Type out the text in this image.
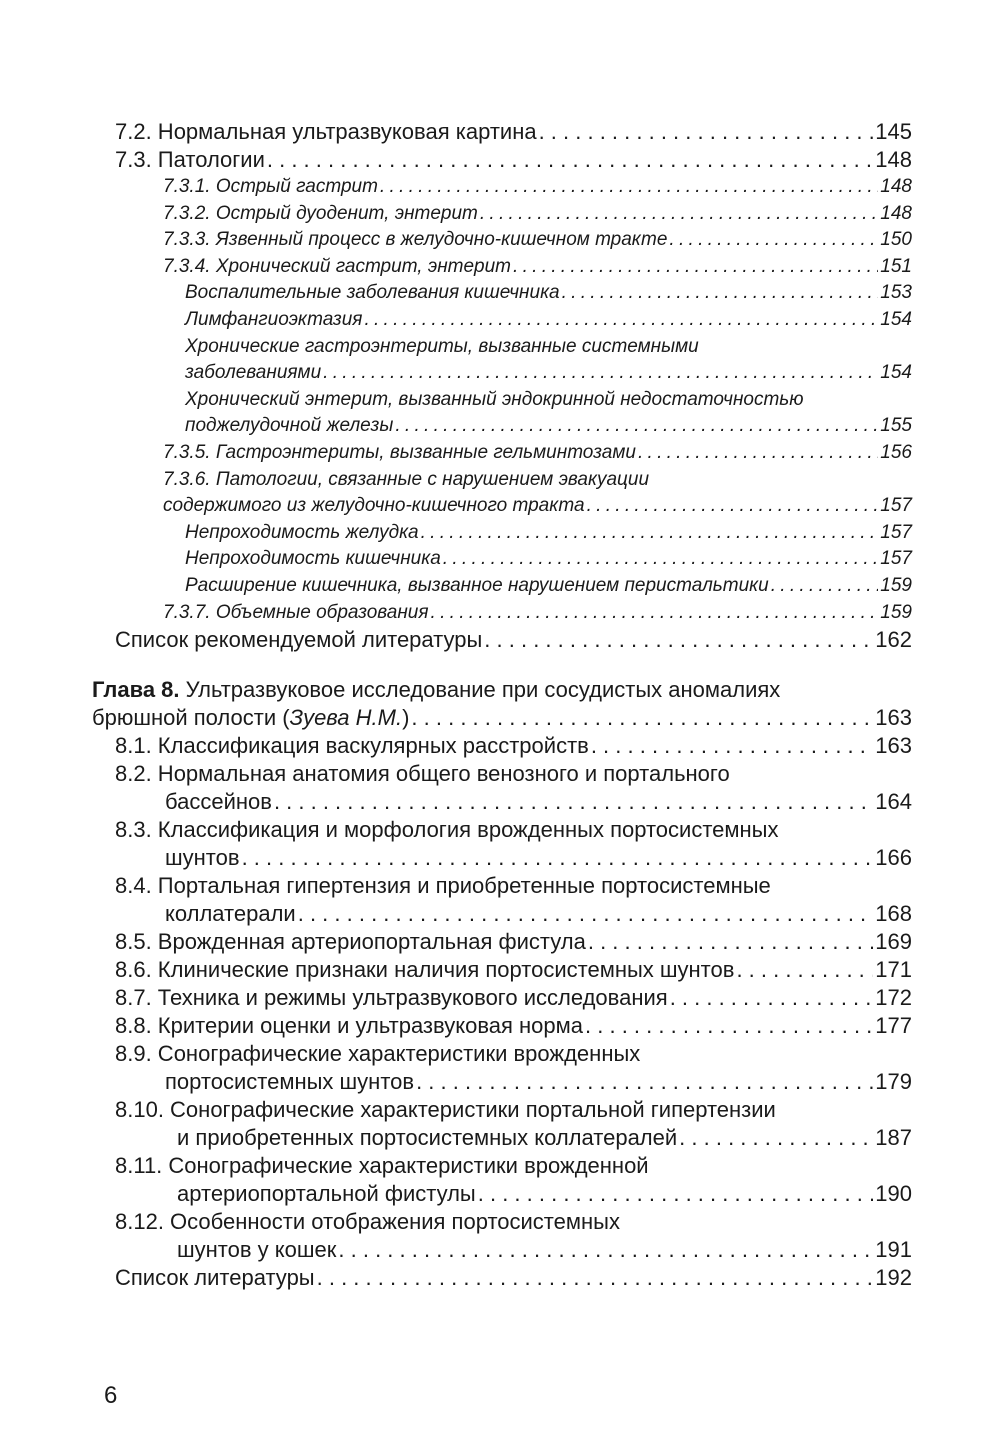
7.2. Нормальная ультразвуковая картина . . .	145
7.3. Патологии . . .	148
7.3.1. Острый гастрит . . .	148
7.3.2. Острый дуоденит, энтерит . . .	148
7.3.3. Язвенный процесс в желудочно-кишечном тракте . . .	150
7.3.4. Хронический гастрит, энтерит . . .	151
Воспалительные заболевания кишечника . . .	153
Лимфангиоэктазия . . .	154
Хронические гастроэнтериты, вызванные системными
заболеваниями . . .	154
Хронический энтерит, вызванный эндокринной недостаточностью
поджелудочной железы . . .	155
7.3.5. Гастроэнтериты, вызванные гельминтозами . . .	156
7.3.6. Патологии, связанные с нарушением эвакуации
содержимого из желудочно-кишечного тракта . . .	157
Непроходимость желудка . . .	157
Непроходимость кишечника . . .	157
Расширение кишечника, вызванное нарушением перистальтики . . .	159
7.3.7. Объемные образования . . .	159
Список рекомендуемой литературы . . .	162
Глава 8. Ультразвуковое исследование при сосудистых аномалиях
брюшной полости (Зуева Н.М.) . . .	163
8.1. Классификация васкулярных расстройств . . .	163
8.2. Нормальная анатомия общего венозного и портального
бассейнов . . .	164
8.3. Классификация и морфология врожденных портосистемных
шунтов . . .	166
8.4. Портальная гипертензия и приобретенные портосистемные
коллатерали . . .	168
8.5. Врожденная артериопортальная фистула . . .	169
8.6. Клинические признаки наличия портосистемных шунтов . . .	171
8.7. Техника и режимы ультразвукового исследования . . .	172
8.8. Критерии оценки и ультразвуковая норма . . .	177
8.9. Сонографические характеристики врожденных
портосистемных шунтов . . .	179
8.10. Сонографические характеристики портальной гипертензии
и приобретенных портосистемных коллатералей . . .	187
8.11. Сонографические характеристики врожденной
артериопортальной фистулы . . .	190
8.12. Особенности отображения портосистемных
шунтов у кошек . . .	191
Список литературы . . .	192
6
